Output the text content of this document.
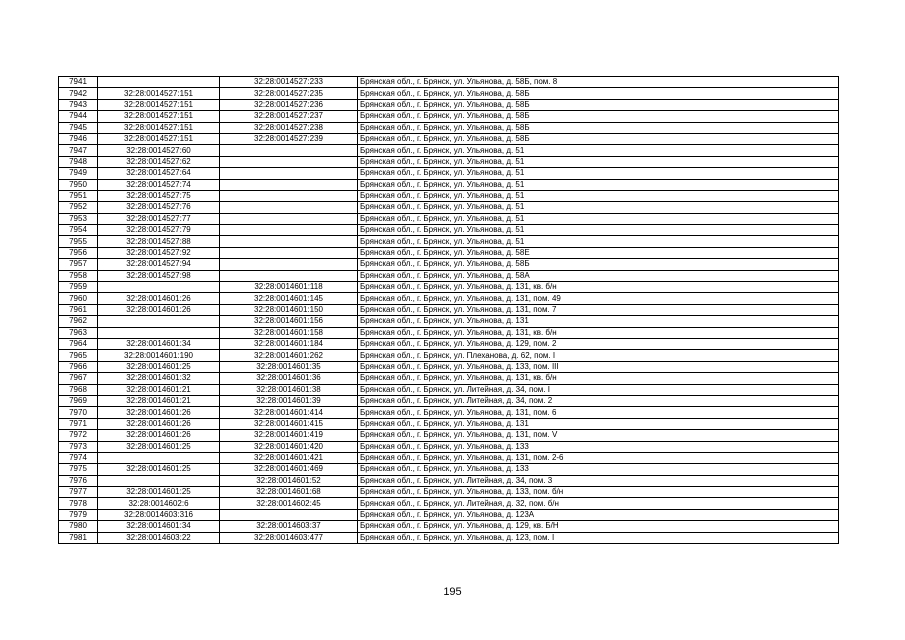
7941		32:28:0014527:233	Брянская обл., г. Брянск, ул. Ульянова, д. 58Б, пом. 8
7942	32:28:0014527:151	32:28:0014527:235	Брянская обл., г. Брянск, ул. Ульянова, д. 58Б
7943	32:28:0014527:151	32:28:0014527:236	Брянская обл., г. Брянск, ул. Ульянова, д. 58Б
7944	32:28:0014527:151	32:28:0014527:237	Брянская обл., г. Брянск, ул. Ульянова, д. 58Б
7945	32:28:0014527:151	32:28:0014527:238	Брянская обл., г. Брянск, ул. Ульянова, д. 58Б
7946	32:28:0014527:151	32:28:0014527:239	Брянская обл., г. Брянск, ул. Ульянова, д. 58Б
7947	32:28:0014527:60		Брянская обл., г. Брянск, ул. Ульянова, д. 51
7948	32:28:0014527:62		Брянская обл., г. Брянск, ул. Ульянова, д. 51
7949	32:28:0014527:64		Брянская обл., г. Брянск, ул. Ульянова, д. 51
7950	32:28:0014527:74		Брянская обл., г. Брянск, ул. Ульянова, д. 51
7951	32:28:0014527:75		Брянская обл., г. Брянск, ул. Ульянова, д. 51
7952	32:28:0014527:76		Брянская обл., г. Брянск, ул. Ульянова, д. 51
7953	32:28:0014527:77		Брянская обл., г. Брянск, ул. Ульянова, д. 51
7954	32:28:0014527:79		Брянская обл., г. Брянск, ул. Ульянова, д. 51
7955	32:28:0014527:88		Брянская обл., г. Брянск, ул. Ульянова, д. 51
7956	32:28:0014527:92		Брянская обл., г. Брянск, ул. Ульянова, д. 58Е
7957	32:28:0014527:94		Брянская обл., г. Брянск, ул. Ульянова, д. 58Б
7958	32:28:0014527:98		Брянская обл., г. Брянск, ул. Ульянова, д. 58А
7959		32:28:0014601:118	Брянская обл., г. Брянск, ул. Ульянова, д. 131, кв. б/н
7960	32:28:0014601:26	32:28:0014601:145	Брянская обл., г. Брянск, ул. Ульянова, д. 131, пом. 49
7961	32:28:0014601:26	32:28:0014601:150	Брянская обл., г. Брянск, ул. Ульянова, д. 131, пом. 7
7962		32:28:0014601:156	Брянская обл., г. Брянск, ул. Ульянова, д. 131
7963		32:28:0014601:158	Брянская обл., г. Брянск, ул. Ульянова, д. 131, кв. б/н
7964	32:28:0014601:34	32:28:0014601:184	Брянская обл., г. Брянск, ул. Ульянова, д. 129, пом. 2
7965	32:28:0014601:190	32:28:0014601:262	Брянская обл., г. Брянск, ул. Плеханова, д. 62, пом. I
7966	32:28:0014601:25	32:28:0014601:35	Брянская обл., г. Брянск, ул. Ульянова, д. 133, пом. III
7967	32:28:0014601:32	32:28:0014601:36	Брянская обл., г. Брянск, ул. Ульянова, д. 131, кв. б/н
7968	32:28:0014601:21	32:28:0014601:38	Брянская обл., г. Брянск, ул. Литейная, д. 34, пом. I
7969	32:28:0014601:21	32:28:0014601:39	Брянская обл., г. Брянск, ул. Литейная, д. 34, пом. 2
7970	32:28:0014601:26	32:28:0014601:414	Брянская обл., г. Брянск, ул. Ульянова, д. 131, пом. 6
7971	32:28:0014601:26	32:28:0014601:415	Брянская обл., г. Брянск, ул. Ульянова, д. 131
7972	32:28:0014601:26	32:28:0014601:419	Брянская обл., г. Брянск, ул. Ульянова, д. 131, пом. V
7973	32:28:0014601:25	32:28:0014601:420	Брянская обл., г. Брянск, ул. Ульянова, д. 133
7974		32:28:0014601:421	Брянская обл., г. Брянск, ул. Ульянова, д. 131, пом. 2-6
7975	32:28:0014601:25	32:28:0014601:469	Брянская обл., г. Брянск, ул. Ульянова, д. 133
7976		32:28:0014601:52	Брянская обл., г. Брянск, ул. Литейная, д. 34, пом. 3
7977	32:28:0014601:25	32:28:0014601:68	Брянская обл., г. Брянск, ул. Ульянова, д. 133, пом. б/н
7978	32:28:0014602:6	32:28:0014602:45	Брянская обл., г. Брянск, ул. Литейная, д. 32, пом. б/н
7979	32:28:0014603:316		Брянская обл., г. Брянск, ул. Ульянова, д. 123А
7980	32:28:0014601:34	32:28:0014603:37	Брянская обл., г. Брянск, ул. Ульянова, д. 129, кв. Б/Н
7981	32:28:0014603:22	32:28:0014603:477	Брянская обл., г. Брянск, ул. Ульянова, д. 123, пом. I
195
